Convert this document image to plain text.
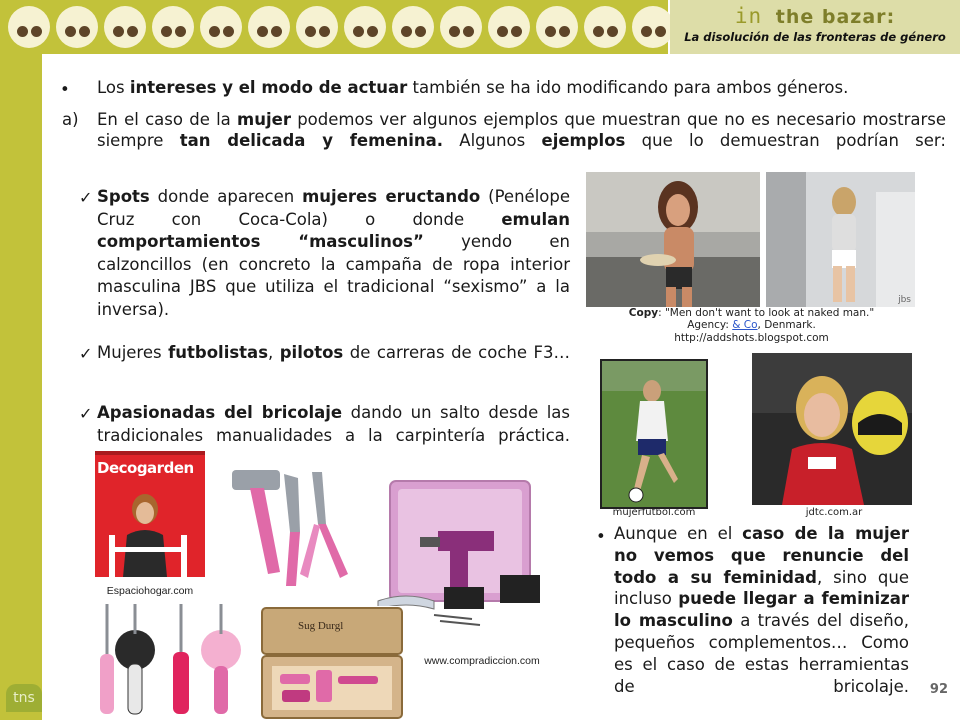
in the bazar:
La disolución de las fronteras de género
tns
92
• Los intereses y el modo de actuar también se ha ido modificando para ambos géneros.
a) En el caso de la mujer podemos ver algunos ejemplos que muestran que no es necesario mostrarse siempre tan delicada y femenina. Algunos ejemplos que lo demuestran podrían ser:
✓ Spots donde aparecen mujeres eructando (Penélope Cruz con Coca-Cola) o donde emulan comportamientos “masculinos” yendo en calzoncillos (en concreto la campaña de ropa interior masculina JBS que utiliza el tradicional “sexismo” a la inversa).
✓ Mujeres futbolistas, pilotos de carreras de coche F3…
✓ Apasionadas del bricolaje dando un salto desde las tradicionales manualidades a la carpintería práctica.
• Aunque en el caso de la mujer no vemos que renuncie del todo a su feminidad, sino que incluso puede llegar a feminizar lo masculino a través del diseño, pequeños complementos… Como es el caso de estas herramientas de bricolaje.
jbs
Copy: "Men don't want to look at naked man."
Agency: & Co, Denmark.
http://addshots.blogspot.com
mujerfutbol.com	jdtc.com.ar
Decogarden
Espaciohogar.com
www.compradiccion.com
Sug Durgl
